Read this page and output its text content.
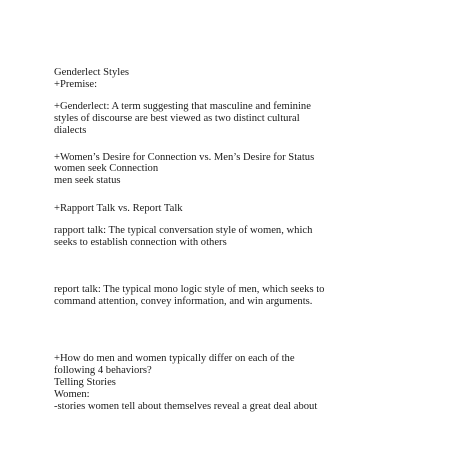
Genderlect Styles

+Premise:

+Genderlect: A term suggesting that masculine and feminine

styles of discourse are best viewed as two distinct cultural

dialects

+Women’s Desire for Connection vs. Men’s Desire for Status

women seek Connection

men seek status

+Rapport Talk vs. Report Talk

rapport talk: The typical conversation style of women, which

seeks to establish connection with others

report talk: The typical mono logic style of men, which seeks to

command attention, convey information, and win arguments.

+How do men and women typically differ on each of the

following 4 behaviors?

Telling Stories

Women:

-stories women tell about themselves reveal a great deal about
